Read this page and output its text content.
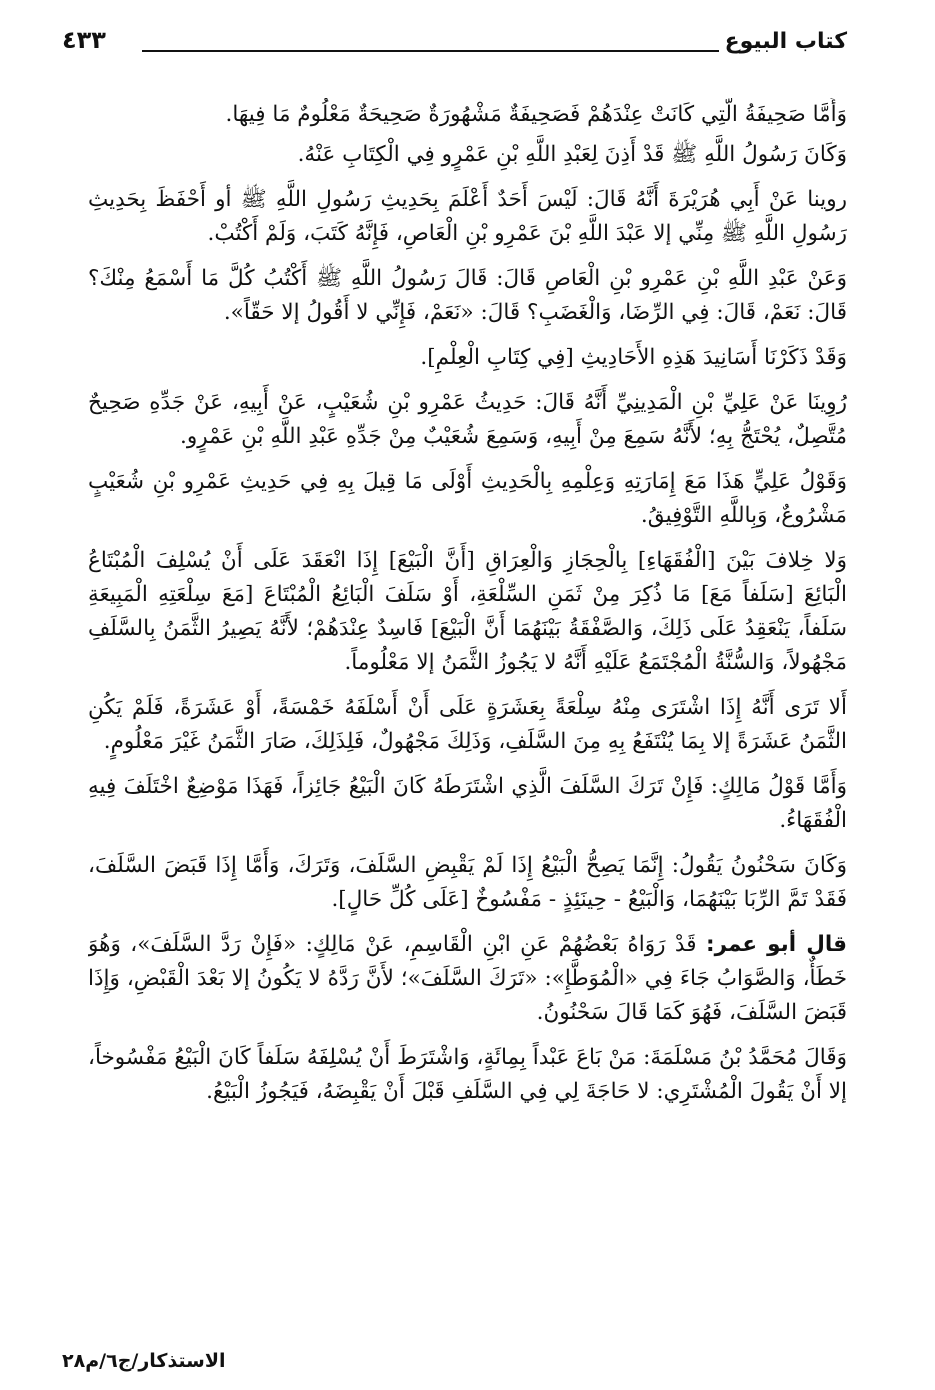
كتاب البيوع
٤٣٣

وَأَمَّا صَحِيفَةُ الَّتِي كَانَتْ عِنْدَهُمْ فَصَحِيفَةٌ مَشْهُورَةٌ صَحِيحَةٌ مَعْلُومٌ مَا فِيهَا.

وَكَانَ رَسُولُ اللَّهِ ﷺ قَدْ أَذِنَ لِعَبْدِ اللَّهِ بْنِ عَمْرٍو فِي الْكِتَابِ عَنْهُ.

روينا عَنْ أَبِي هُرَيْرَةَ أَنَّهُ قَالَ: لَيْسَ أَحَدٌ أَعْلَمَ بِحَدِيثِ رَسُولِ اللَّهِ ﷺ أو أَحْفَظَ بِحَدِيثِ رَسُولِ اللَّهِ ﷺ مِنِّي إلا عَبْدَ اللَّهِ بْنَ عَمْرِو بْنِ الْعَاصِ، فَإِنَّهُ كَتَبَ، وَلَمْ أَكْتُبْ.

وَعَنْ عَبْدِ اللَّهِ بْنِ عَمْرِو بْنِ الْعَاصِ قَالَ: قَالَ رَسُولُ اللَّهِ ﷺ أَكْتُبُ كُلَّ مَا أَسْمَعُ مِنْكَ؟ قَالَ: نَعَمْ، قَالَ: فِي الرِّضَا، وَالْغَضَبِ؟ قَالَ: «نَعَمْ، فَإِنِّي لا أَقُولُ إلا حَقّاً».

وَقَدْ ذَكَرْنَا أَسَانِيدَ هَذِهِ الأَحَادِيثِ [فِي كِتَابِ الْعِلْمِ].

رُوِينَا عَنْ عَلِيِّ بْنِ الْمَدِينِيِّ أَنَّهُ قَالَ: حَدِيثُ عَمْرِو بْنِ شُعَيْبٍ، عَنْ أَبِيهِ، عَنْ جَدِّهِ صَحِيحٌ مُتَّصِلٌ، يُحْتَجُّ بِهِ؛ لأَنَّهُ سَمِعَ مِنْ أَبِيهِ، وَسَمِعَ شُعَيْبٌ مِنْ جَدِّهِ عَبْدِ اللَّهِ بْنِ عَمْرٍو.

وَقَوْلُ عَلِيٍّ هَذَا مَعَ إِمَارَتِهِ وَعِلْمِهِ بِالْحَدِيثِ أَوْلَى مَا قِيلَ بِهِ فِي حَدِيثِ عَمْرِو بْنِ شُعَيْبٍ مَشْرُوعٌ، وَبِاللَّهِ التَّوْفِيقُ.

وَلا خِلافَ بَيْنَ [الْفُقَهَاءِ] بِالْحِجَازِ وَالْعِرَاقِ [أَنَّ الْبَيْعَ] إِذَا انْعَقَدَ عَلَى أَنْ يُسْلِفَ الْمُبْتَاعُ الْبَائِعَ [سَلَفاً مَعَ] مَا ذُكِرَ مِنْ ثَمَنِ السِّلْعَةِ، أَوْ سَلَفَ الْبَائِعُ الْمُبْتَاعَ [مَعَ سِلْعَتِهِ الْمَبِيعَةِ سَلَفاً، يَنْعَقِدُ عَلَى ذَلِكَ، وَالصَّفْقَةُ بَيْنَهُمَا أَنَّ الْبَيْعَ] فَاسِدٌ عِنْدَهُمْ؛ لأَنَّهُ يَصِيرُ الثَّمَنُ بِالسَّلَفِ مَجْهُولاً، وَالسُّنَّةُ الْمُجْتَمَعُ عَلَيْهِ أَنَّهُ لا يَجُوزُ الثَّمَنُ إلا مَعْلُوماً.

أَلا تَرَى أَنَّهُ إِذَا اشْتَرَى مِنْهُ سِلْعَةً بِعَشَرَةٍ عَلَى أَنْ أَسْلَفَهُ خَمْسَةً، أَوْ عَشَرَةً، فَلَمْ يَكُنِ الثَّمَنُ عَشَرَةً إلا بِمَا يُنْتَفَعُ بِهِ مِنَ السَّلَفِ، وَذَلِكَ مَجْهُولٌ، فَلِذَلِكَ، صَارَ الثَّمَنُ غَيْرَ مَعْلُومٍ.

وَأَمَّا قَوْلُ مَالِكٍ: فَإِنْ تَرَكَ السَّلَفَ الَّذِي اشْتَرَطَهُ كَانَ الْبَيْعُ جَائِزاً، فَهَذَا مَوْضِعٌ اخْتَلَفَ فِيهِ الْفُقَهَاءُ.

وَكَانَ سَحْنُونُ يَقُولُ: إِنَّمَا يَصِحُّ الْبَيْعُ إِذَا لَمْ يَقْبِضِ السَّلَفَ، وَتَرَكَ، وَأَمَّا إِذَا قَبَضَ السَّلَفَ، فَقَدْ تَمَّ الرِّبَا بَيْنَهُمَا، وَالْبَيْعُ - حِينَئِذٍ - مَفْسُوخٌ [عَلَى كُلِّ حَالٍ].

قال أبو عمر: قَدْ رَوَاهُ بَعْضُهُمْ عَنِ ابْنِ الْقَاسِمِ، عَنْ مَالِكٍ: «فَإِنْ رَدَّ السَّلَفَ»، وَهُوَ خَطَأٌ، وَالصَّوَابُ جَاءَ فِي «الْمُوَطَّإِ»: «تَرَكَ السَّلَفَ»؛ لأَنَّ رَدَّهُ لا يَكُونُ إلا بَعْدَ الْقَبْضِ، وَإِذَا قَبَضَ السَّلَفَ، فَهُوَ كَمَا قَالَ سَحْنُونُ.

وَقَالَ مُحَمَّدُ بْنُ مَسْلَمَةَ: مَنْ بَاعَ عَبْداً بِمِائَةٍ، وَاشْتَرَطَ أَنْ يُسْلِفَهُ سَلَفاً كَانَ الْبَيْعُ مَفْسُوخاً، إلا أَنْ يَقُولَ الْمُشْتَرِي: لا حَاجَةَ لِي فِي السَّلَفِ قَبْلَ أَنْ يَقْبِضَهُ، فَيَجُوزُ الْبَيْعُ.

الاستذكار/ج٦/م٢٨
